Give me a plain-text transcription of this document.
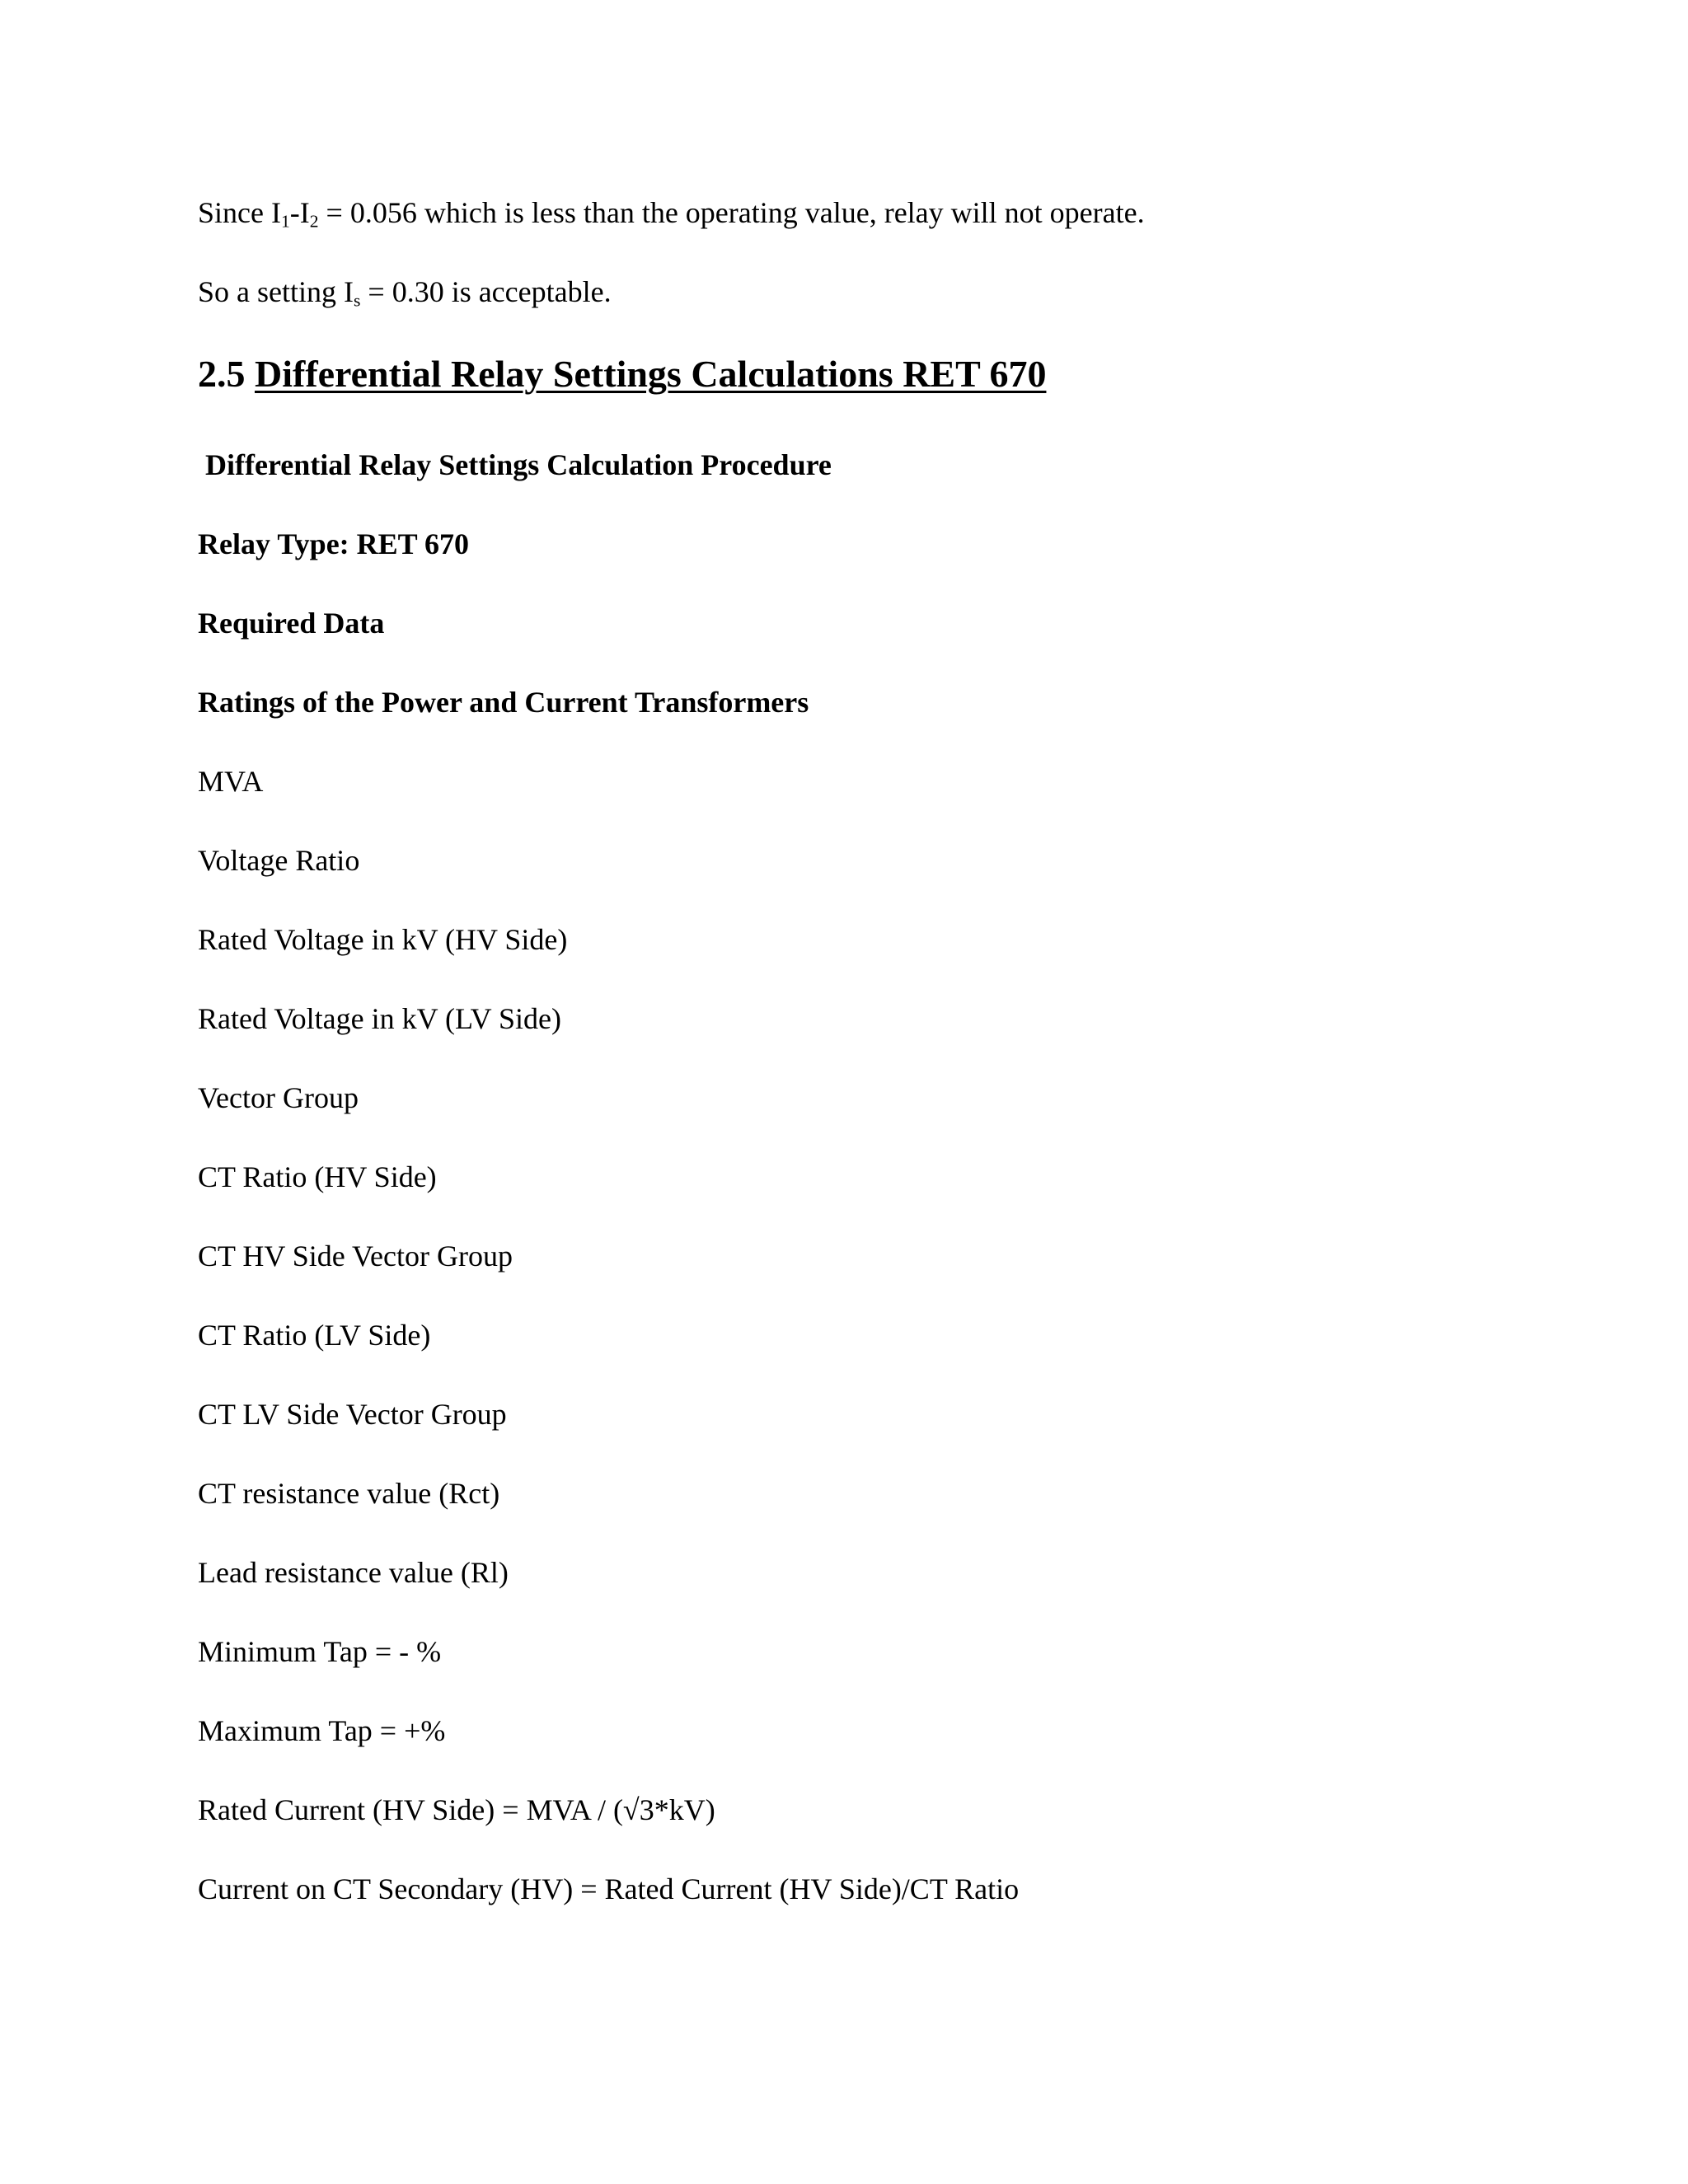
Since $I_1-I_2 = 0.056$ which is less than the operating value, relay will not operate.

So a setting $I_s = 0.30$ is acceptable.

2.5 Differential Relay Settings Calculations RET 670

Differential Relay Settings Calculation Procedure

Relay Type: RET 670

Required Data

Ratings of the Power and Current Transformers

MVA

Voltage Ratio

Rated Voltage in kV (HV Side)

Rated Voltage in kV (LV Side)

Vector Group

CT Ratio (HV Side)

CT HV Side Vector Group

CT Ratio (LV Side)

CT LV Side Vector Group

CT resistance value (Rct)

Lead resistance value (Rl)

Minimum Tap = - %

Maximum Tap = +%

Rated Current (HV Side) = MVA / (√3*kV)

Current on CT Secondary (HV) = Rated Current (HV Side)/CT Ratio
